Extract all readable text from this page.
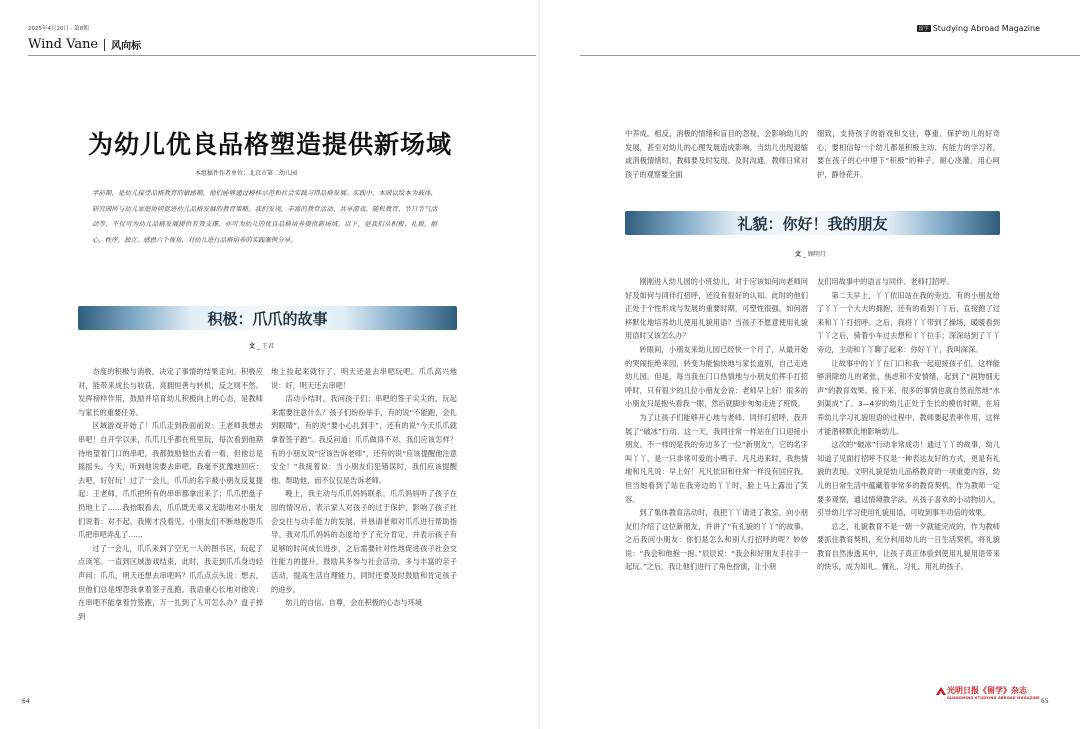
2025年4月20日 · 第8期
Wind Vane 风向标
为幼儿优良品格塑造提供新场域
本组稿件作者单位：北京市第二幼儿园

学前期，是幼儿接受品格教育的敏感期，他们能够通过榜样示范和社会实践习得品格发展。实践中，本园以绘本为载体，研究园所与幼儿家庭协同促进幼儿品格发展的教育策略。我们发现，丰富的教育活动、共享游戏、随机教育、节日节气活动等，不仅可为幼儿品格发展提供有效支撑，亦可为幼儿的优良品格培养提供新场域。以下，是我们从积极、礼貌、耐心、秩序、独立、感恩六个视角，对幼儿进行品格培养的实践案例分享。

积极：爪爪的故事
文 _ 王君

态度的积极与消极，决定了事情的结果走向。积极应对，能带来成长与收获，亮拥恒善与转机，反之则不然。发挥榜样作用，鼓励并培育幼儿积极向上的心态，是教师与家长的重要任务。

区域游戏开始了！爪爪走到我面前说：王老师我想去串吧！自开学以来，爪爪几乎都在班里玩，每次看到他期待地望着门口的串吧，我都鼓励他出去看一看，但他总是摇摇头。今天，听到他说要去串吧，我毫不犹豫地回应：去吧，好好玩！过了一会儿，爪爪的名字被小朋友反复提起：王老师，爪爪把所有的串串都拿出来了；爪爪把盘子扔地上了……我抬眼看去，爪爪既无辜又无助地对小朋友们说着：对不起，我刚才没看见。小朋友们不断地抱怨爪爪把串吧弄乱了……

过了一会儿，爪爪来到了空无一人的图书区，玩起了点读笔。一直到区域游戏结束，此时，我走到爪爪身边轻声问：爪爪，明天还想去串吧吗？爪爪点点头说：想去，但他们总是埋怨我拿着签子乱跑。我语重心长地对他说：在串吧不能拿着竹签跑，万一扎到了人可怎么办？盘子掉到

地上捡起来就行了，明天还是去串吧玩吧。爪爪高兴地说：好，明天还去串吧！

活动小结时，我问孩子们：串吧的签子尖尖的，玩起来需要注意什么？孩子们纷纷举手，有的说“不能跑，会扎到眼睛”，有的说“要小心扎到手”，还有的说“今天爪爪就拿着签子跑”。我反问道：爪爪做得不对，我们应该怎样？有的小朋友说“应该告诉老师”，还有的说“应该提醒他注意安全！”我接着说：当小朋友们犯错误时，我们应该提醒他、帮助他，而不仅仅是告诉老师。

晚上，我主动与爪爪妈妈联系。爪爪妈妈听了孩子在园的情况后，表示家人对孩子的过于保护，影响了孩子社会交往与动手能力的发展，并恳请老师对爪爪进行帮助指导。我对爪爪妈妈的态度给予了充分肯定，并表示孩子有足够的时间成长进步，之后需要针对性地促进孩子社会交往能力的提升，鼓励其多参与社会活动，多与丰富的亲子活动，提高生活自理能力，同时还要及时鼓励和肯定孩子的进步。

幼儿的自信、自尊，会在积极的心态与环境

64
留学 Studying Abroad Magazine

中养成。相反，消极的情绪和盲目的忽视，会影响幼儿的发展，甚至对幼儿的心理发展造成影响。当幼儿出现退缩或消极情绪时，教师要及时发现、及时沟通。教师日常对孩子的观察要全面

细致，支持孩子的游戏和交往，尊重、保护幼儿的好奇心，要相信每一个幼儿都是积极主动、有能力的学习者，要在孩子的心中埋下“积极”的种子，耐心浇灌，用心呵护，静待花开。

礼貌：你好！我的朋友
文 _ 顾明月

刚刚进入幼儿园的小班幼儿，对于应该如何向老师问好及如何与同伴打招呼，还没有很好的认知。此时的他们正处于个性形成与发展的重要时期，可塑性很强。如何潜移默化地培养幼儿使用礼貌用语？当孩子不愿意使用礼貌用语时又该怎么办？

转眼间，小朋友来幼儿园已经快一个月了，从最开始的哭闹拒绝来园，转变为能愉快地与家长道别，自己走进幼儿园。但是，每当我在门口热情地与小朋友们挥手打招呼时，只有很少的几位小朋友会说：老师早上好！很多的小朋友只是抱头看我一眼，然后就脚步匆匆走进了班级。

为了让孩子们能够开心地与老师、同伴打招呼，我开展了“破冰”行动。这一天，我同往常一样站在门口迎接小朋友。不一样的是我的旁边多了一位“新朋友”，它的名字叫丫丫，是一只非常可爱的小鸭子。凡凡进来时，我热情地和凡凡说：早上好！凡凡依旧和往常一样没有回应我，但当她看到了站在我旁边的丫丫时，脸上马上露出了笑容。

到了集体教育活动时，我把丫丫请进了教室，向小朋友们介绍了这位新朋友，并讲了“有礼貌的丫丫”的故事。之后我问小朋友：你们是怎么和别人打招呼的呢？妙妙说：“我会和他抱一抱。”辰辰说：“我会和好朋友手拉手一起玩。”之后，我让他们进行了角色扮演，让小朋

友们用故事中的语言与同伴、老师打招呼。

第二天早上，丫丫依旧站在我的旁边。有的小朋友给了丫丫一个大大的拥抱，还有的看到丫丫后，直接跑了过来和丫丫打招呼。之后，我将丫丫带到了操场，暖暖看到丫丫之后，骑着小车过去想和丫丫拉手；深深站到了丫丫旁边，主动和丫丫聊了起来：你好丫丫，我叫深深。

让故事中的丫丫在门口和我一起迎接孩子们，这样能够消除幼儿的紧张、焦虑和不安情绪，起到了“润物细无声”的教育效果。接下来，很多的事情也就自然而然地“水到渠成”了。3—4岁的幼儿正处于生长的模仿时期，在培养幼儿学习礼貌用语的过程中，教师要起表率作用，这样才能潜移默化地影响幼儿。

这次的“破冰”行动非常成功！通过丫丫的故事，幼儿知道了见面打招呼不仅是一种表达友好的方式，更是有礼貌的表现。文明礼貌是幼儿品格教育的一项重要内容，幼儿的日常生活中蕴藏着非常多的教育契机，作为教师一定要多观察，通过情境教学法，从孩子喜欢的小动物切入，引导幼儿学习使用礼貌用语，可收到事半功倍的效果。

总之，礼貌教育不是一朝一夕就能完成的，作为教师要抓住教育契机，充分利用幼儿的一日生活契机，将礼貌教育自然渗透其中，让孩子真正体验到使用礼貌用语带来的快乐，成为知礼、懂礼、习礼、用礼的孩子。

光明日报《留学》杂志
GUANGMING STUDYING ABROAD MAGAZINE 65
